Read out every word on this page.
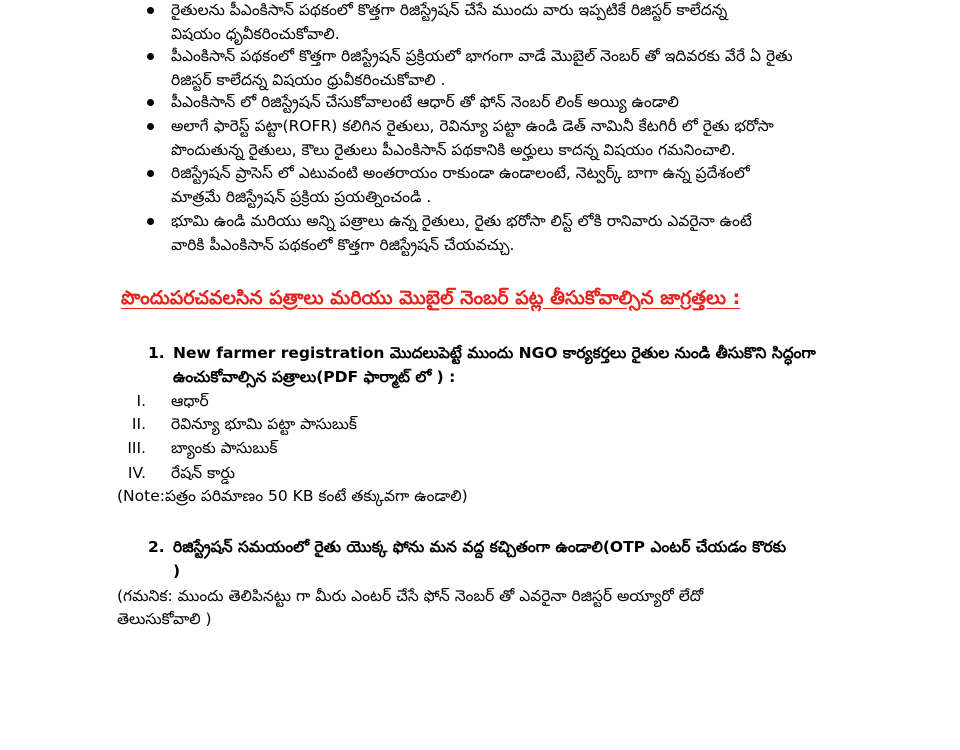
రైతులను పీఎంకిసాన్ పథకంలో కొత్తగా రిజిస్ట్రేషన్ చేసే ముందు వారు ఇప్పటికే రిజిస్టర్ కాలేదన్న
విషయం ధృవీకరించుకోవాలి.
పీఎంకిసాన్ పథకంలో కొత్తగా రిజిస్ట్రేషన్ ప్రక్రియలో భాగంగా వాడే మొబైల్ నెంబర్ తో ఇదివరకు వేరే ఏ రైతు
రిజిస్టర్ కాలేదన్న విషయం ధ్రువీకరించుకోవాలి .
పీఎంకిసాన్ లో రిజిస్ట్రేషన్ చేసుకోవాలంటే ఆధార్ తో ఫోన్ నెంబర్ లింక్ అయ్యి ఉండాలి
అలాగే ఫారెస్ట్ పట్టా(ROFR) కలిగిన రైతులు, రెవిన్యూ పట్టా ఉండి డెత్ నామినీ కేటగిరీ లో రైతు భరోసా
పొందుతున్న రైతులు, కౌలు రైతులు పీఎంకిసాన్ పథకానికి అర్హులు కాదన్న విషయం గమనించాలి.
రిజిస్ట్రేషన్ ప్రాసెస్ లో ఎటువంటి అంతరాయం రాకుండా ఉండాలంటే, నెట్వర్క్ బాగా ఉన్న ప్రదేశంలో
మాత్రమే రిజిస్ట్రేషన్ ప్రక్రియ ప్రయత్నించండి .
భూమి ఉండి మరియు అన్ని పత్రాలు ఉన్న రైతులు, రైతు భరోసా లిస్ట్ లోకి రానివారు ఎవరైనా ఉంటే
వారికి పీఎంకిసాన్ పథకంలో కొత్తగా రిజిస్ట్రేషన్ చేయవచ్చు.
పొందుపరచవలసిన పత్రాలు మరియు మొబైల్ నెంబర్ పట్ల తీసుకోవాల్సిన జాగ్రత్తలు :
1. New farmer registration మొదలుపెట్టే ముందు NGO కార్యకర్తలు రైతుల నుండి తీసుకొని సిద్ధంగా
ఉంచుకోవాల్సిన పత్రాలు(PDF ఫార్మాట్ లో ) :
I. ఆధార్
II. రెవిన్యూ భూమి పట్టా పాసుబుక్
III. బ్యాంకు పాసుబుక్
IV. రేషన్ కార్డు
(Note:పత్రం పరిమాణం 50 KB కంటే తక్కువగా ఉండాలి)
2. రిజిస్ట్రేషన్ సమయంలో రైతు యొక్క ఫోను మన వద్ద కచ్చితంగా ఉండాలి(OTP ఎంటర్ చేయడం కొరకు
)
(గమనిక: ముందు తెలిపినట్టు గా మీరు ఎంటర్ చేసే ఫోన్ నెంబర్ తో ఎవరైనా రిజిస్టర్ అయ్యారో లేదో
తెలుసుకోవాలి )
